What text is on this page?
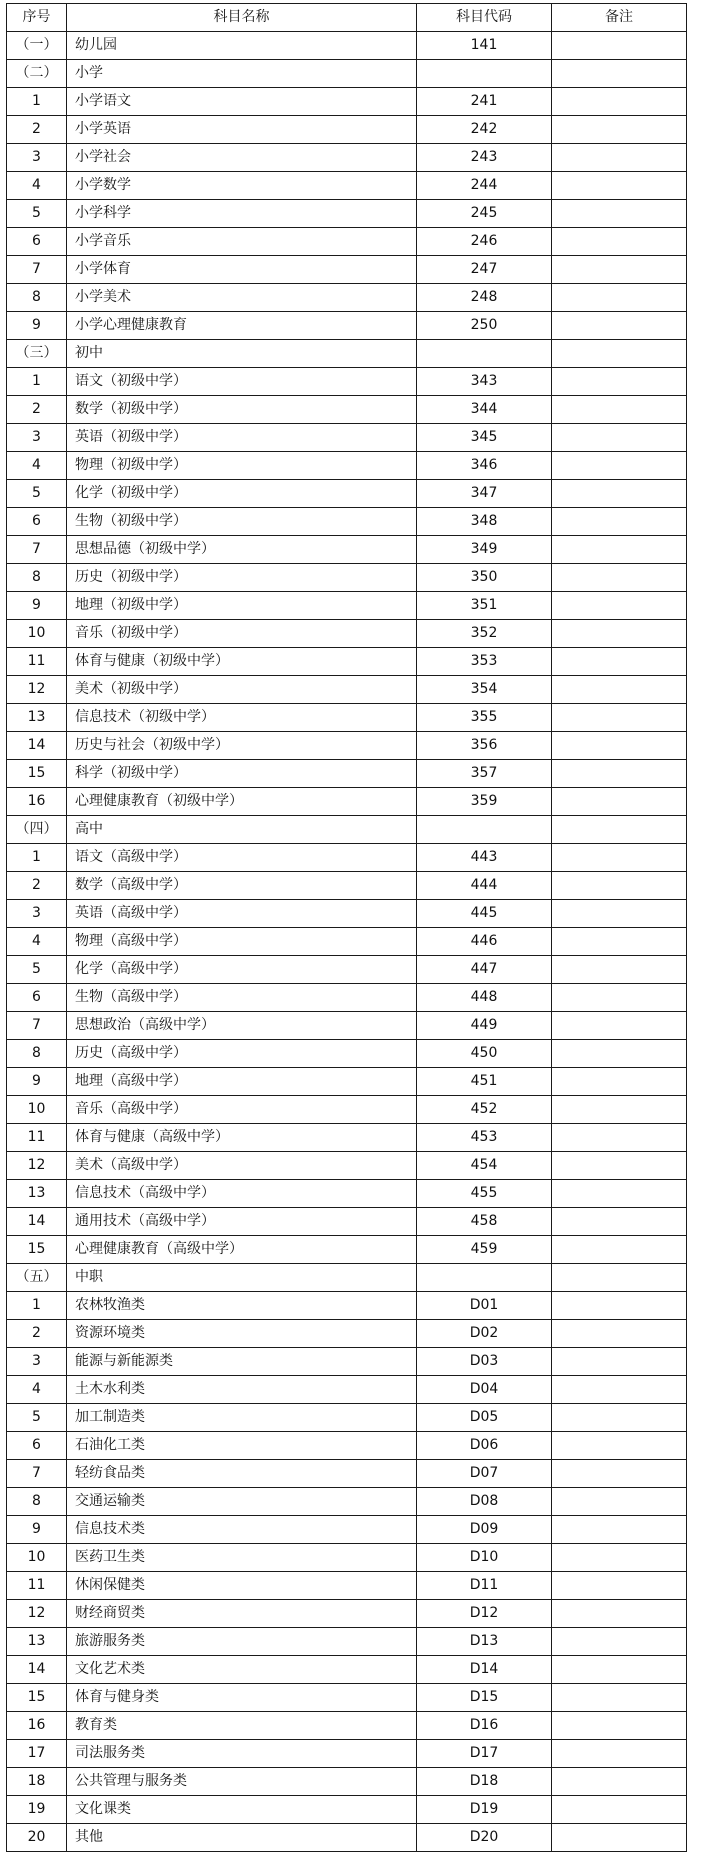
序号	科目名称	科目代码	备注
（一）	幼儿园	141	
（二）	小学		
1	小学语文	241	
2	小学英语	242	
3	小学社会	243	
4	小学数学	244	
5	小学科学	245	
6	小学音乐	246	
7	小学体育	247	
8	小学美术	248	
9	小学心理健康教育	250	
（三）	初中		
1	语文（初级中学）	343	
2	数学（初级中学）	344	
3	英语（初级中学）	345	
4	物理（初级中学）	346	
5	化学（初级中学）	347	
6	生物（初级中学）	348	
7	思想品德（初级中学）	349	
8	历史（初级中学）	350	
9	地理（初级中学）	351	
10	音乐（初级中学）	352	
11	体育与健康（初级中学）	353	
12	美术（初级中学）	354	
13	信息技术（初级中学）	355	
14	历史与社会（初级中学）	356	
15	科学（初级中学）	357	
16	心理健康教育（初级中学）	359	
（四）	高中		
1	语文（高级中学）	443	
2	数学（高级中学）	444	
3	英语（高级中学）	445	
4	物理（高级中学）	446	
5	化学（高级中学）	447	
6	生物（高级中学）	448	
7	思想政治（高级中学）	449	
8	历史（高级中学）	450	
9	地理（高级中学）	451	
10	音乐（高级中学）	452	
11	体育与健康（高级中学）	453	
12	美术（高级中学）	454	
13	信息技术（高级中学）	455	
14	通用技术（高级中学）	458	
15	心理健康教育（高级中学）	459	
（五）	中职		
1	农林牧渔类	D01	
2	资源环境类	D02	
3	能源与新能源类	D03	
4	土木水利类	D04	
5	加工制造类	D05	
6	石油化工类	D06	
7	轻纺食品类	D07	
8	交通运输类	D08	
9	信息技术类	D09	
10	医药卫生类	D10	
11	休闲保健类	D11	
12	财经商贸类	D12	
13	旅游服务类	D13	
14	文化艺术类	D14	
15	体育与健身类	D15	
16	教育类	D16	
17	司法服务类	D17	
18	公共管理与服务类	D18	
19	文化课类	D19	
20	其他	D20	
